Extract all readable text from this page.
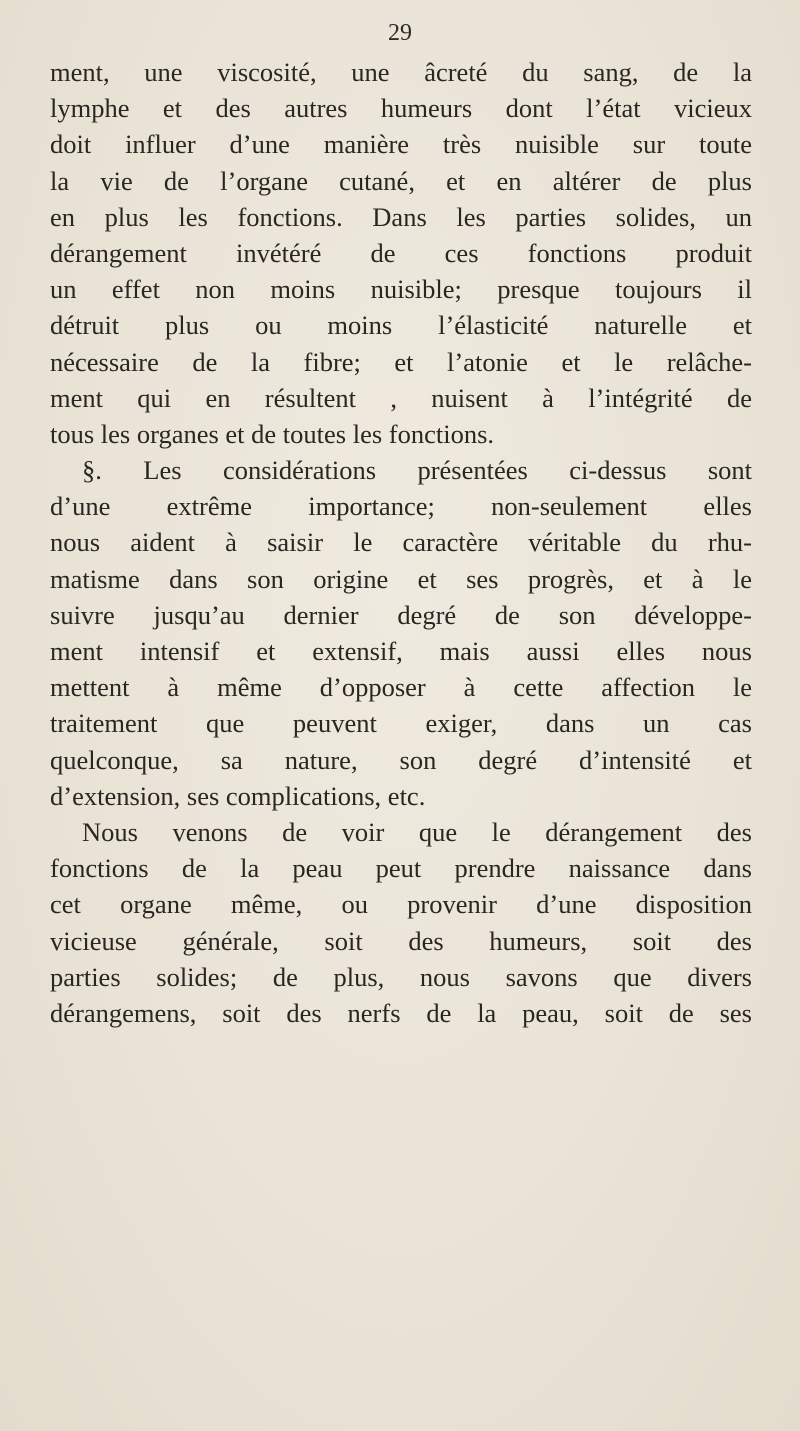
29
ment, une viscosité, une âcreté du sang, de la
lymphe et des autres humeurs dont l’état vicieux
doit influer d’une manière très nuisible sur toute
la vie de l’organe cutané, et en altérer de plus
en plus les fonctions. Dans les parties solides, un
dérangement invétéré de ces fonctions produit
un effet non moins nuisible; presque toujours il
détruit plus ou moins l’élasticité naturelle et
nécessaire de la fibre; et l’atonie et le relâche-
ment qui en résultent , nuisent à l’intégrité de
tous les organes et de toutes les fonctions.
§. Les considérations présentées ci-dessus sont
d’une extrême importance; non-seulement elles
nous aident à saisir le caractère véritable du rhu-
matisme dans son origine et ses progrès, et à le
suivre jusqu’au dernier degré de son développe-
ment intensif et extensif, mais aussi elles nous
mettent à même d’opposer à cette affection le
traitement que peuvent exiger, dans un cas
quelconque, sa nature, son degré d’intensité et
d’extension, ses complications, etc.
Nous venons de voir que le dérangement des
fonctions de la peau peut prendre naissance dans
cet organe même, ou provenir d’une disposition
vicieuse générale, soit des humeurs, soit des
parties solides; de plus, nous savons que divers
dérangemens, soit des nerfs de la peau, soit de ses
